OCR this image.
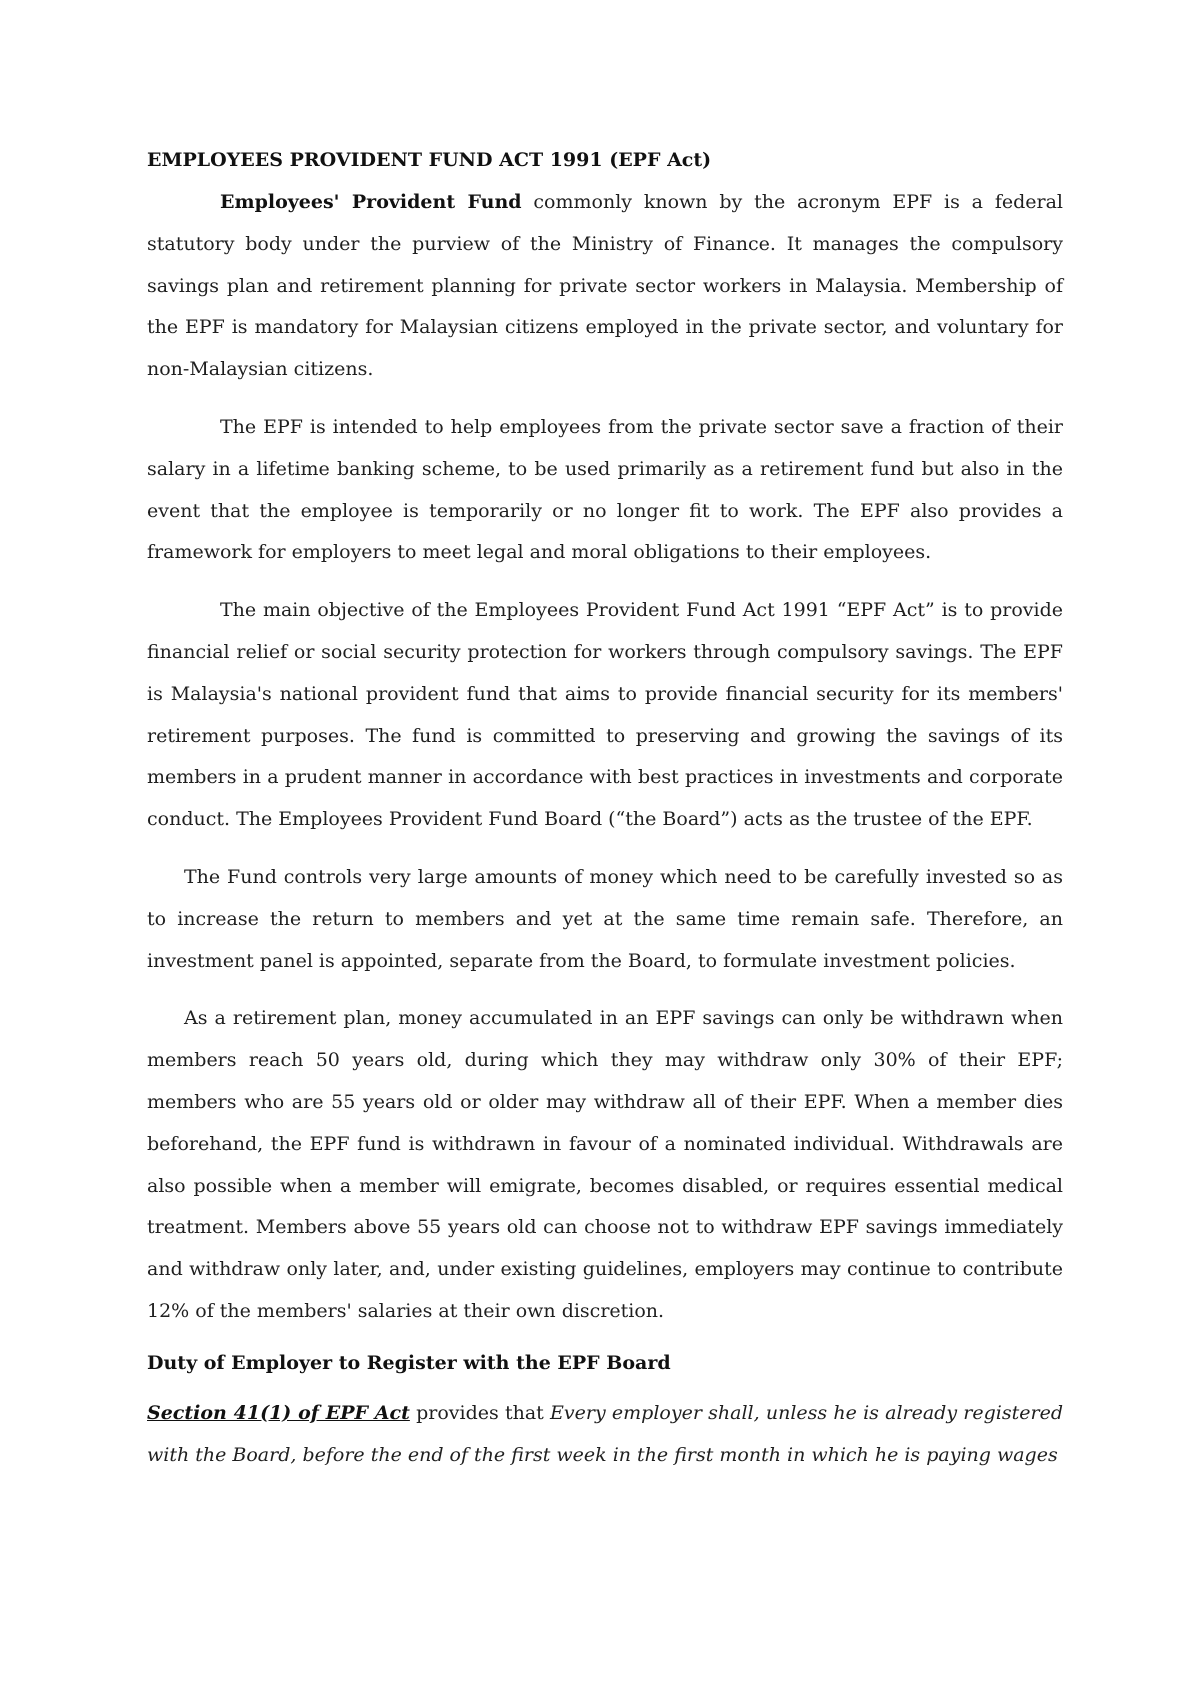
EMPLOYEES PROVIDENT FUND ACT 1991 (EPF Act)

Employees' Provident Fund commonly known by the acronym EPF is a federal statutory body under the purview of the Ministry of Finance. It manages the compulsory savings plan and retirement planning for private sector workers in Malaysia. Membership of the EPF is mandatory for Malaysian citizens employed in the private sector, and voluntary for non-Malaysian citizens.

The EPF is intended to help employees from the private sector save a fraction of their salary in a lifetime banking scheme, to be used primarily as a retirement fund but also in the event that the employee is temporarily or no longer fit to work. The EPF also provides a framework for employers to meet legal and moral obligations to their employees.

The main objective of the Employees Provident Fund Act 1991 “EPF Act” is to provide financial relief or social security protection for workers through compulsory savings. The EPF is Malaysia's national provident fund that aims to provide financial security for its members' retirement purposes. The fund is committed to preserving and growing the savings of its members in a prudent manner in accordance with best practices in investments and corporate conduct. The Employees Provident Fund Board (“the Board”) acts as the trustee of the EPF.

The Fund controls very large amounts of money which need to be carefully invested so as to increase the return to members and yet at the same time remain safe. Therefore, an investment panel is appointed, separate from the Board, to formulate investment policies.

As a retirement plan, money accumulated in an EPF savings can only be withdrawn when members reach 50 years old, during which they may withdraw only 30% of their EPF; members who are 55 years old or older may withdraw all of their EPF. When a member dies beforehand, the EPF fund is withdrawn in favour of a nominated individual. Withdrawals are also possible when a member will emigrate, becomes disabled, or requires essential medical treatment. Members above 55 years old can choose not to withdraw EPF savings immediately and withdraw only later, and, under existing guidelines, employers may continue to contribute 12% of the members' salaries at their own discretion.

Duty of Employer to Register with the EPF Board

Section 41(1) of EPF Act provides that Every employer shall, unless he is already registered with the Board, before the end of the first week in the first month in which he is paying wages
